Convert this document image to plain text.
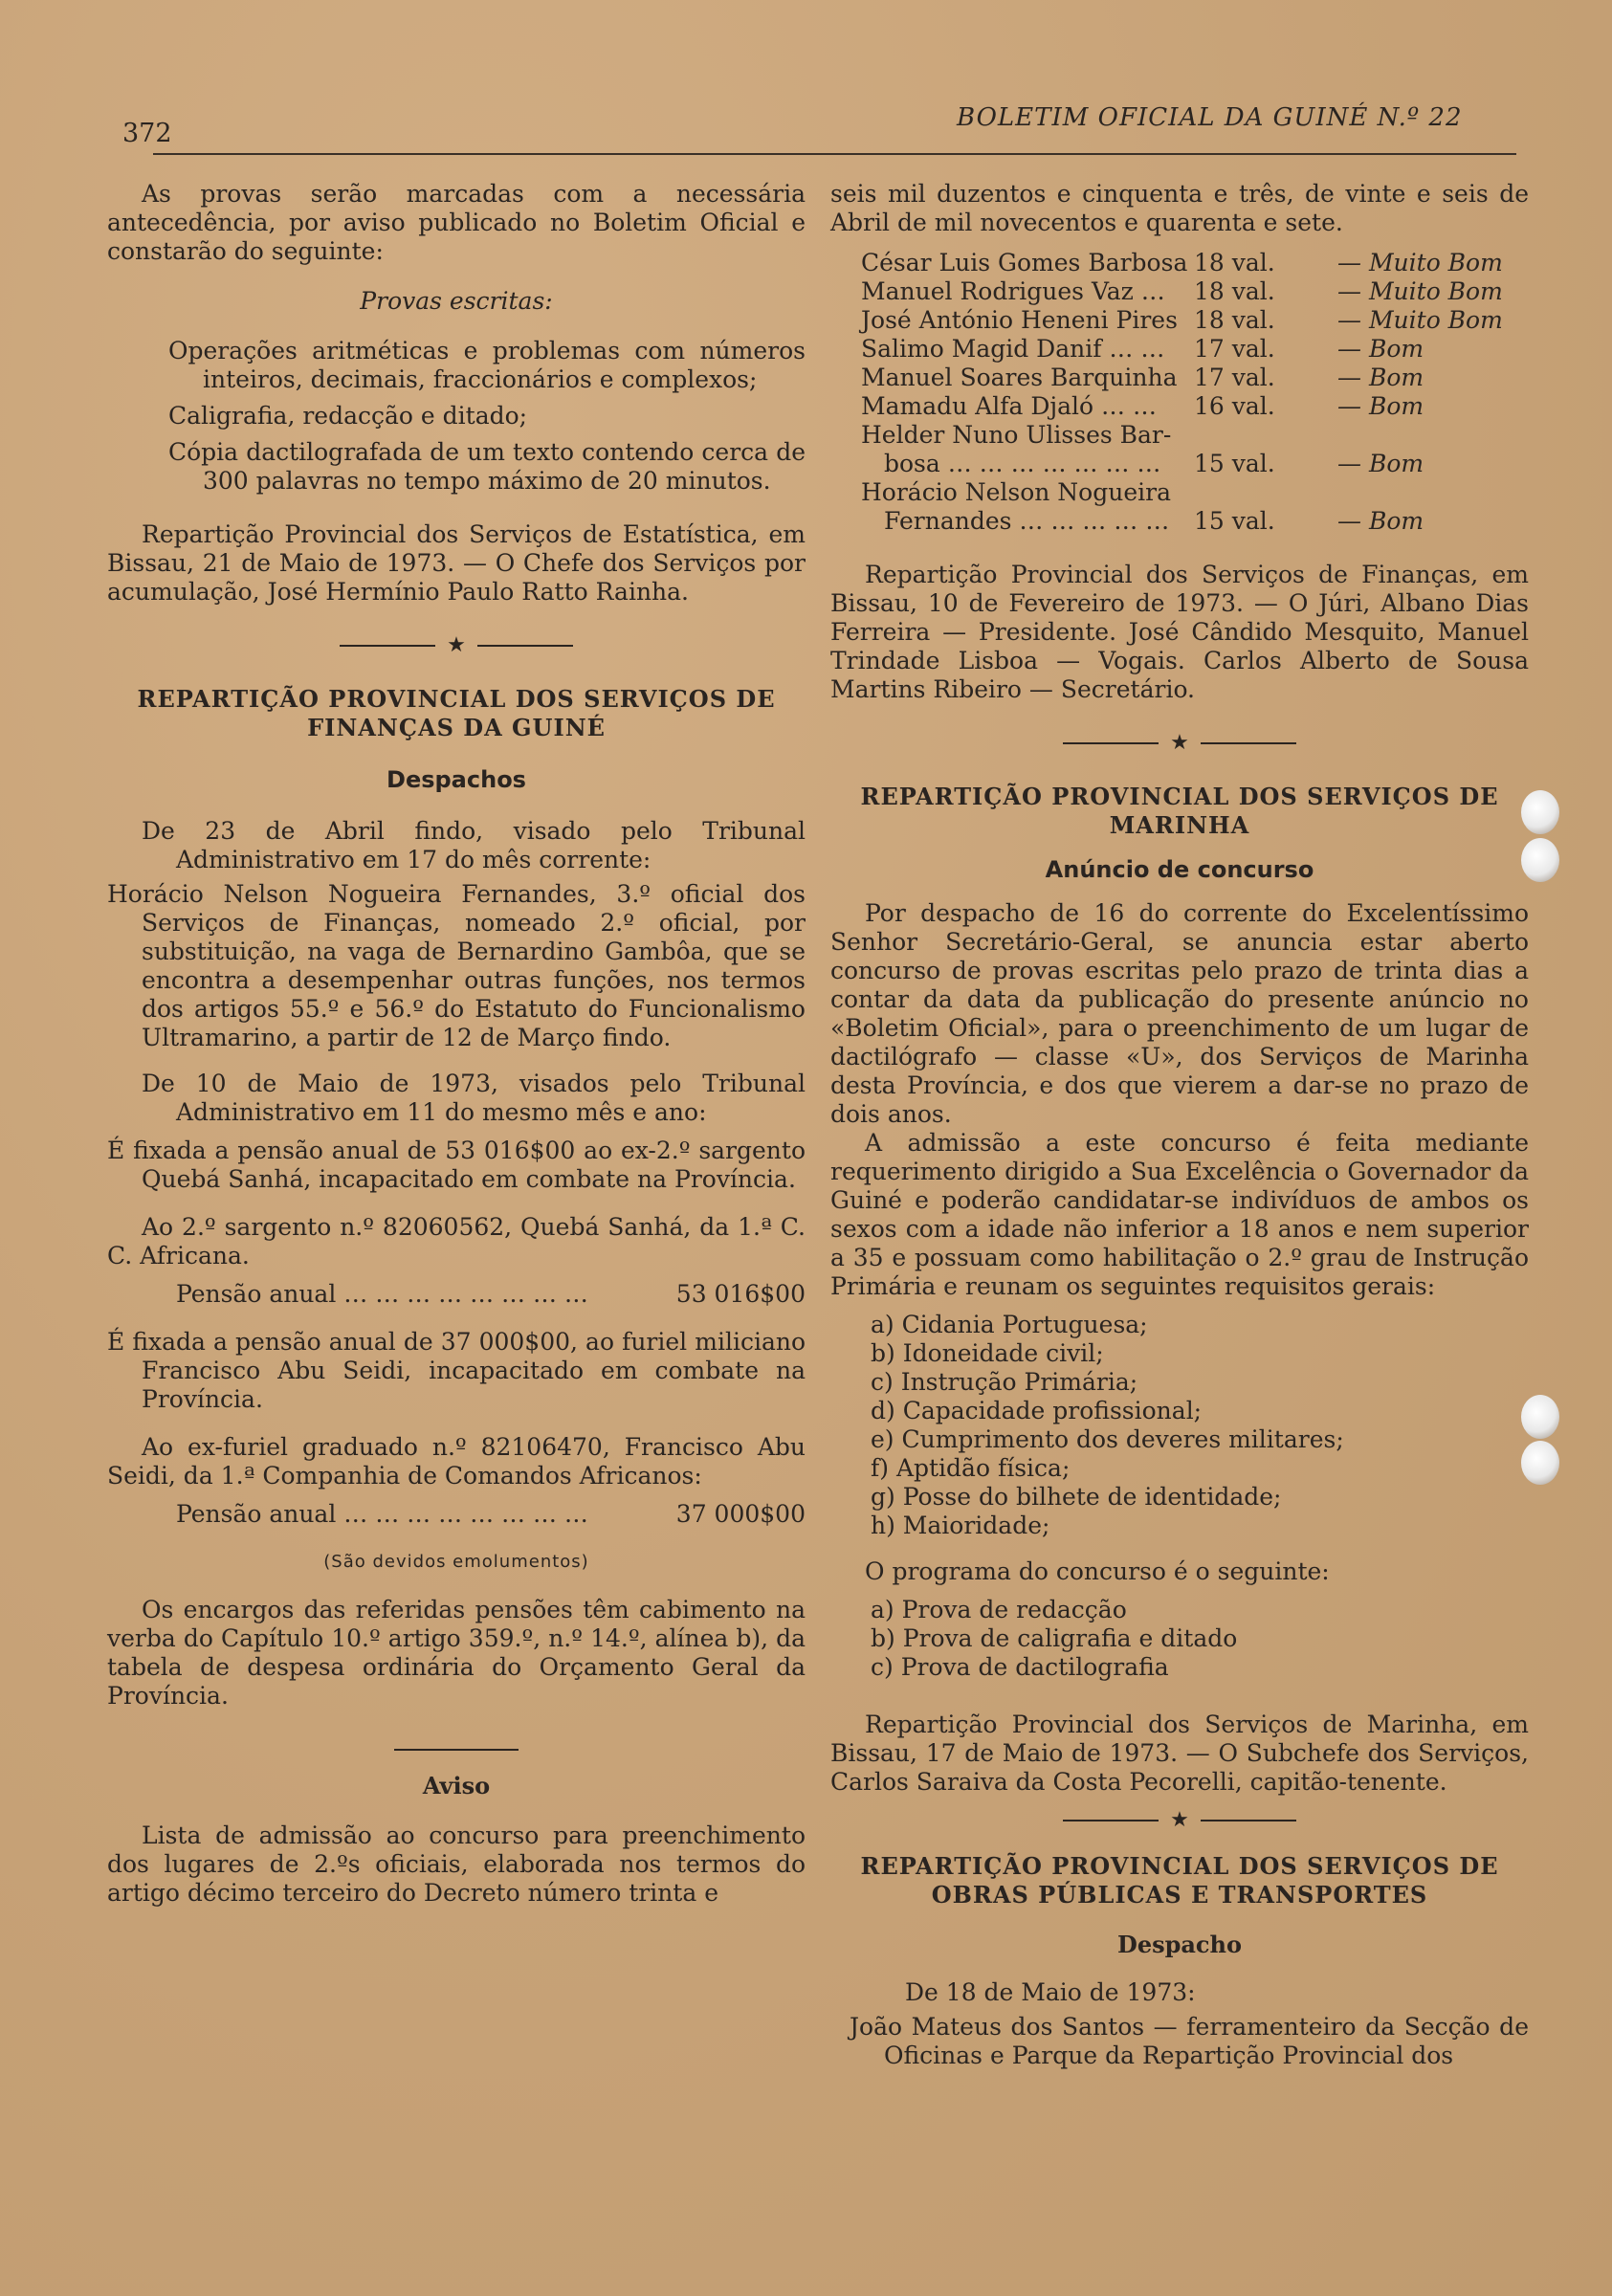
372
BOLETIM OFICIAL DA GUINÉ N.º 22

As provas serão marcadas com a necessária antecedência, por aviso publicado no Boletim Oficial e constarão do seguinte:

Provas escritas:

Operações aritméticas e problemas com números inteiros, decimais, fraccionários e complexos;

Caligrafia, redacção e ditado;

Cópia dactilografada de um texto contendo cerca de 300 palavras no tempo máximo de 20 minutos.

Repartição Provincial dos Serviços de Estatística, em Bissau, 21 de Maio de 1973. — O Chefe dos Serviços por acumulação, José Hermínio Paulo Ratto Rainha.

★

REPARTIÇÃO PROVINCIAL DOS SERVIÇOS DE FINANÇAS DA GUINÉ

Despachos

De 23 de Abril findo, visado pelo Tribunal Administrativo em 17 do mês corrente:

Horácio Nelson Nogueira Fernandes, 3.º oficial dos Serviços de Finanças, nomeado 2.º oficial, por substituição, na vaga de Bernardino Gambôa, que se encontra a desempenhar outras funções, nos termos dos artigos 55.º e 56.º do Estatuto do Funcionalismo Ultramarino, a partir de 12 de Março findo.

De 10 de Maio de 1973, visados pelo Tribunal Administrativo em 11 do mesmo mês e ano:

É fixada a pensão anual de 53 016$00 ao ex-2.º sargento Quebá Sanhá, incapacitado em combate na Província.

Ao 2.º sargento n.º 82060562, Quebá Sanhá, da 1.ª C. C. Africana.

Pensão anual … … … … … … … …	53 016$00

É fixada a pensão anual de 37 000$00, ao furiel miliciano Francisco Abu Seidi, incapacitado em combate na Província.

Ao ex-furiel graduado n.º 82106470, Francisco Abu Seidi, da 1.ª Companhia de Comandos Africanos:

Pensão anual … … … … … … … …	37 000$00

(São devidos emolumentos)

Os encargos das referidas pensões têm cabimento na verba do Capítulo 10.º artigo 359.º, n.º 14.º, alínea b), da tabela de despesa ordinária do Orçamento Geral da Província.

Aviso

Lista de admissão ao concurso para preenchimento dos lugares de 2.ºs oficiais, elaborada nos termos do artigo décimo terceiro do Decreto número trinta e

seis mil duzentos e cinquenta e três, de vinte e seis de Abril de mil novecentos e quarenta e sete.

César Luis Gomes Barbosa 18 val.	— Muito Bom
Manuel Rodrigues Vaz …	18 val.	— Muito Bom
José António Heneni Pires 18 val.	— Muito Bom
Salimo Magid Danif … …	17 val.	— Bom
Manuel Soares Barquinha 17 val.	— Bom
Mamadu Alfa Djaló … …	16 val.	— Bom
Helder Nuno Ulisses Bar-
bosa … … … … … … …	15 val.	— Bom
Horácio Nelson Nogueira
Fernandes … … … … …	15 val.	— Bom

Repartição Provincial dos Serviços de Finanças, em Bissau, 10 de Fevereiro de 1973. — O Júri, Albano Dias Ferreira — Presidente. José Cândido Mesquito, Manuel Trindade Lisboa — Vogais. Carlos Alberto de Sousa Martins Ribeiro — Secretário.

★

REPARTIÇÃO PROVINCIAL DOS SERVIÇOS DE MARINHA

Anúncio de concurso

Por despacho de 16 do corrente do Excelentíssimo Senhor Secretário-Geral, se anuncia estar aberto concurso de provas escritas pelo prazo de trinta dias a contar da data da publicação do presente anúncio no «Boletim Oficial», para o preenchimento de um lugar de dactilógrafo — classe «U», dos Serviços de Marinha desta Província, e dos que vierem a dar-se no prazo de dois anos.

A admissão a este concurso é feita mediante requerimento dirigido a Sua Excelência o Governador da Guiné e poderão candidatar-se indivíduos de ambos os sexos com a idade não inferior a 18 anos e nem superior a 35 e possuam como habilitação o 2.º grau de Instrução Primária e reunam os seguintes requisitos gerais:

a) Cidania Portuguesa;

b) Idoneidade civil;

c) Instrução Primária;

d) Capacidade profissional;

e) Cumprimento dos deveres militares;

f) Aptidão física;

g) Posse do bilhete de identidade;

h) Maioridade;

O programa do concurso é o seguinte:

a) Prova de redacção

b) Prova de caligrafia e ditado

c) Prova de dactilografia

Repartição Provincial dos Serviços de Marinha, em Bissau, 17 de Maio de 1973. — O Subchefe dos Serviços, Carlos Saraiva da Costa Pecorelli, capitão-tenente.

★

REPARTIÇÃO PROVINCIAL DOS SERVIÇOS DE OBRAS PÚBLICAS E TRANSPORTES

Despacho

De 18 de Maio de 1973:

João Mateus dos Santos — ferramenteiro da Secção de Oficinas e Parque da Repartição Provincial dos
